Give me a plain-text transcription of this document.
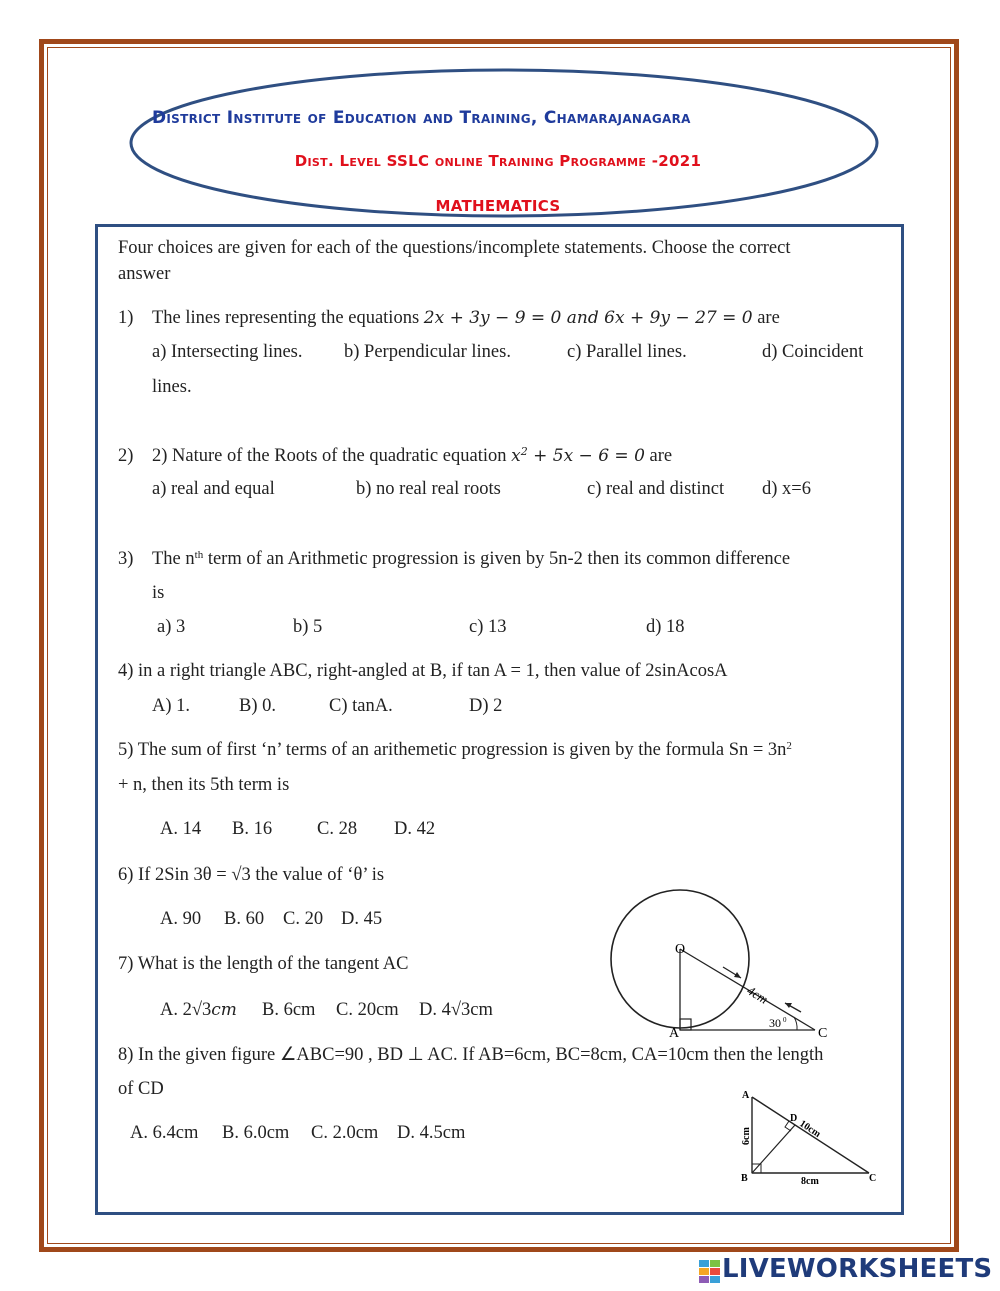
District Institute of Education and Training, Chamarajanagara
Dist. Level SSLC online Training Programme -2021
MATHEMATICS
Four choices are given for each of the questions/incomplete statements. Choose the correct
answer
1) The lines representing the equations 2x + 3y − 9 = 0 and 6x + 9y − 27 = 0 are
a) Intersecting lines. b) Perpendicular lines.	c) Parallel lines.	d) Coincident
lines.
2) 2) Nature of the Roots of the quadratic equation $x^2 + 5x - 6 = 0$ are
a) real and equal	b) no real real roots	c) real and distinct d) x=6
3) The $n^{th}$ term of an Arithmetic progression is given by 5n-2 then its common difference
is
a) 3	b) 5	c) 13	d) 18
4) in a right triangle ABC, right-angled at B, if tan A = 1, then value of 2sinAcosA
A) 1.	B) 0.	C) tanA.	D) 2
5) The sum of first ‘n’ terms of an arithemetic progression is given by the formula $Sn = 3n^2$
+ n, then its 5th term is
A. 14 B. 16 C. 28 D. 42
6) If 2Sin 3θ = √3 the value of ‘θ’ is
A. 90 B. 60 C. 20 D. 45
7) What is the length of the tangent AC
A. 2√3cm B. 6cm C. 20cm D. 4√3cm
O
A	C
4cm
30 0
8) In the given figure ∠ABC=90 , BD ⊥ AC. If AB=6cm, BC=8cm, CA=10cm then the length
of CD
A. 6.4cm B. 6.0cm C. 2.0cm D. 4.5cm
A
B	C
D
6cm
8cm
10cm
LIVEWORKSHEETS
